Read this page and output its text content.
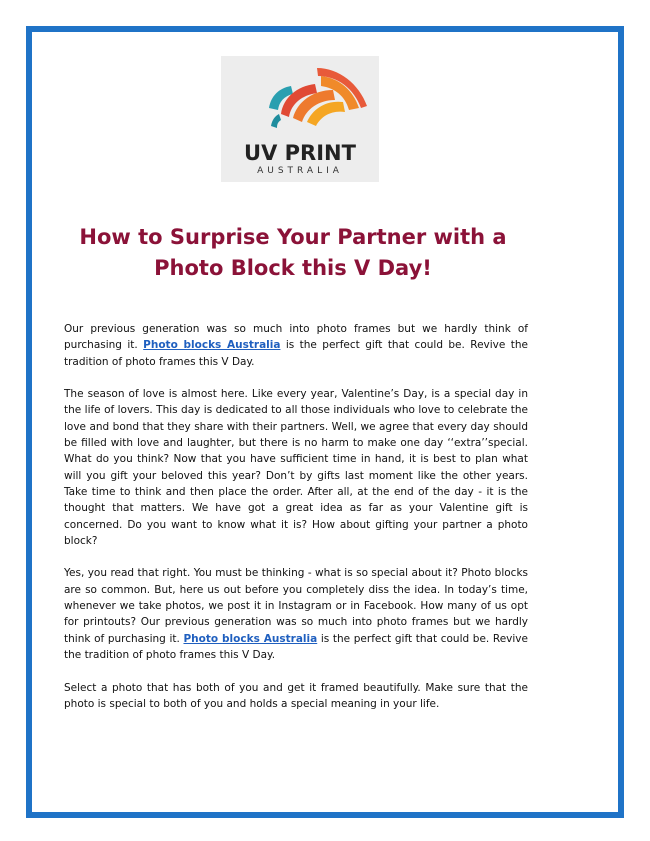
UV PRINT
AUSTRALIA
How to Surprise Your Partner with a
Photo Block this V Day!

Our previous generation was so much into photo frames but we hardly think of purchasing it. Photo blocks Australia is the perfect gift that could be. Revive the tradition of photo frames this V Day.

The season of love is almost here. Like every year, Valentine’s Day, is a special day in the life of lovers. This day is dedicated to all those individuals who love to celebrate the love and bond that they share with their partners. Well, we agree that every day should be filled with love and laughter, but there is no harm to make one day ‘‘extra’’special. What do you think? Now that you have sufficient time in hand, it is best to plan what will you gift your beloved this year? Don’t by gifts last moment like the other years. Take time to think and then place the order. After all, at the end of the day - it is the thought that matters. We have got a great idea as far as your Valentine gift is concerned. Do you want to know what it is? How about gifting your partner a photo block?

Yes, you read that right. You must be thinking - what is so special about it? Photo blocks are so common. But, here us out before you completely diss the idea. In today’s time, whenever we take photos, we post it in Instagram or in Facebook. How many of us opt for printouts? Our previous generation was so much into photo frames but we hardly think of purchasing it. Photo blocks Australia is the perfect gift that could be. Revive the tradition of photo frames this V Day.

Select a photo that has both of you and get it framed beautifully. Make sure that the photo is special to both of you and holds a special meaning in your life.
